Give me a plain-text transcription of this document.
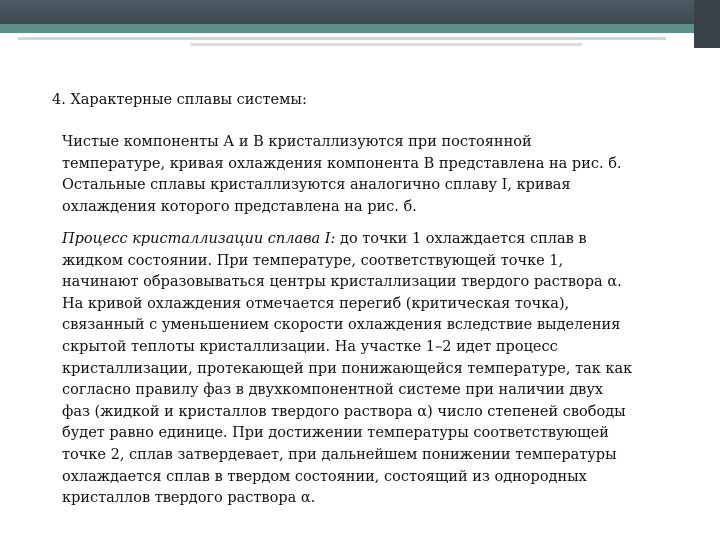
4. Характерные сплавы системы:
Чистые компоненты А и В кристаллизуются при постоянной
температуре, кривая охлаждения компонента В представлена на рис. б.
Остальные сплавы кристаллизуются аналогично сплаву I, кривая
охлаждения которого представлена на рис. б.
Процесс кристаллизации сплава I: до точки 1 охлаждается сплав в
жидком состоянии. При температуре, соответствующей точке 1,
начинают образовываться центры кристаллизации твердого раствора α.
На кривой охлаждения отмечается перегиб (критическая точка),
связанный с уменьшением скорости охлаждения вследствие выделения
скрытой теплоты кристаллизации. На участке 1–2 идет процесс
кристаллизации, протекающей при понижающейся температуре, так как
согласно правилу фаз в двухкомпонентной системе при наличии двух
фаз (жидкой и кристаллов твердого раствора α) число степеней свободы
будет равно единице. При достижении температуры соответствующей
точке 2, сплав затвердевает, при дальнейшем понижении температуры
охлаждается сплав в твердом состоянии, состоящий из однородных
кристаллов твердого раствора α.
